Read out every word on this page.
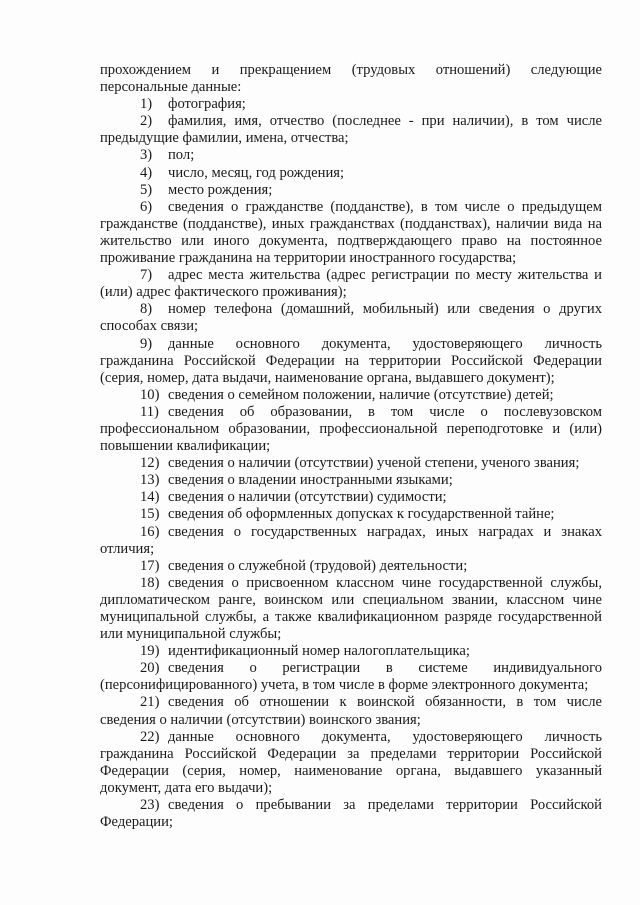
прохождением и прекращением (трудовых отношений) следующие персональные данные:

1) фотография;

2) фамилия, имя, отчество (последнее - при наличии), в том числе предыдущие фамилии, имена, отчества;

3) пол;

4) число, месяц, год рождения;

5) место рождения;

6) сведения о гражданстве (подданстве), в том числе о предыдущем гражданстве (подданстве), иных гражданствах (подданствах), наличии вида на жительство или иного документа, подтверждающего право на постоянное проживание гражданина на территории иностранного государства;

7) адрес места жительства (адрес регистрации по месту жительства и (или) адрес фактического проживания);

8) номер телефона (домашний, мобильный) или сведения о других способах связи;

9) данные основного документа, удостоверяющего личность гражданина Российской Федерации на территории Российской Федерации (серия, номер, дата выдачи, наименование органа, выдавшего документ);

10) сведения о семейном положении, наличие (отсутствие) детей;

11) сведения об образовании, в том числе о послевузовском профессиональном образовании, профессиональной переподготовке и (или) повышении квалификации;

12) сведения о наличии (отсутствии) ученой степени, ученого звания;

13) сведения о владении иностранными языками;

14) сведения о наличии (отсутствии) судимости;

15) сведения об оформленных допусках к государственной тайне;

16) сведения о государственных наградах, иных наградах и знаках отличия;

17) сведения о служебной (трудовой) деятельности;

18) сведения о присвоенном классном чине государственной службы, дипломатическом ранге, воинском или специальном звании, классном чине муниципальной службы, а также квалификационном разряде государственной или муниципальной службы;

19) идентификационный номер налогоплательщика;

20) сведения о регистрации в системе индивидуального (персонифицированного) учета, в том числе в форме электронного документа;

21) сведения об отношении к воинской обязанности, в том числе сведения о наличии (отсутствии) воинского звания;

22) данные основного документа, удостоверяющего личность гражданина Российской Федерации за пределами территории Российской Федерации (серия, номер, наименование органа, выдавшего указанный документ, дата его выдачи);

23) сведения о пребывании за пределами территории Российской Федерации;
